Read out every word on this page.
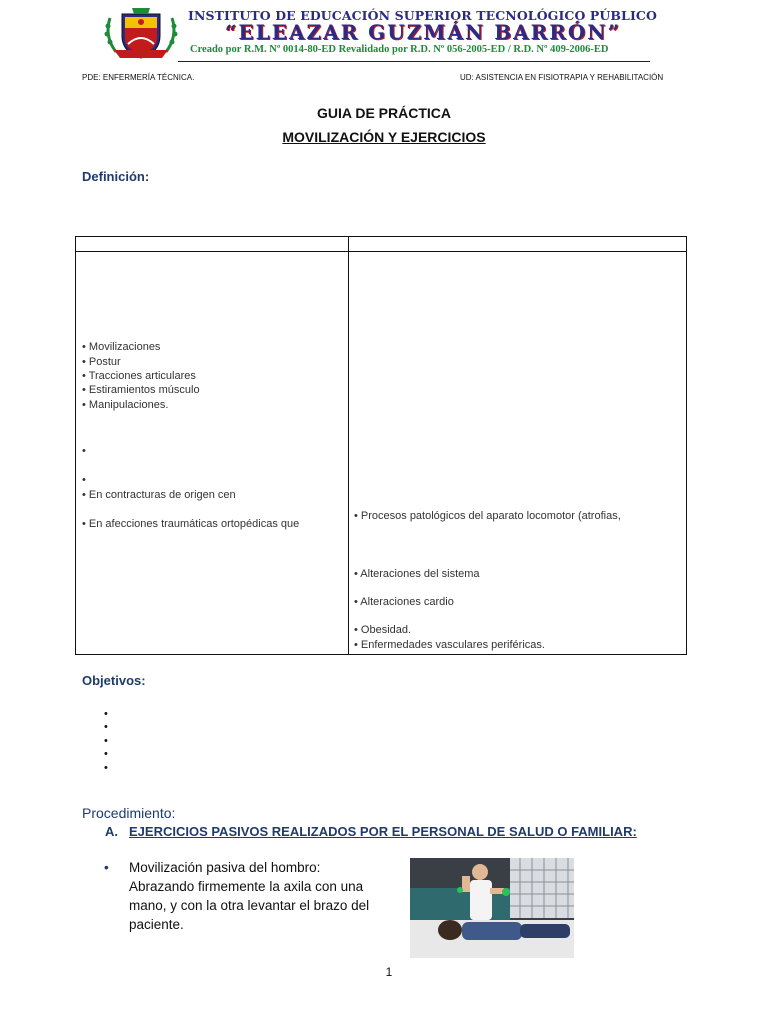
INSTITUTO DE EDUCACIÓN SUPERIOR TECNOLÓGICO PÚBLICO
“ELEAZAR GUZMÁN BARRÓN”
Creado por R.M. Nº 0014-80-ED Revalidado por R.D. Nº 056-2005-ED / R.D. Nº 409-2006-ED
PDE: ENFERMERÍA TÉCNICA.	UD: ASISTENCIA EN FISIOTRAPIA Y REHABILITACIÓN
GUIA DE PRÁCTICA
MOVILIZACIÓN Y EJERCICIOS
Definición:
• Movilizaciones
• Postur
• Tracciones articulares
• Estiramientos músculo
• Manipulaciones.
•
•
• En contracturas de origen cen
• En afecciones traumáticas ortopédicas que
• Procesos patológicos del aparato locomotor (atrofias,
• Alteraciones del sistema
• Alteraciones cardio
• Obesidad.
• Enfermedades vasculares periféricas.
Objetivos:
•
•
•
•
•
Procedimiento:
A. EJERCICIOS PASIVOS REALIZADOS POR EL PERSONAL DE SALUD O FAMILIAR:
• Movilización pasiva del hombro: Abrazando firmemente la axila con una mano, y con la otra levantar el brazo del paciente.
1
